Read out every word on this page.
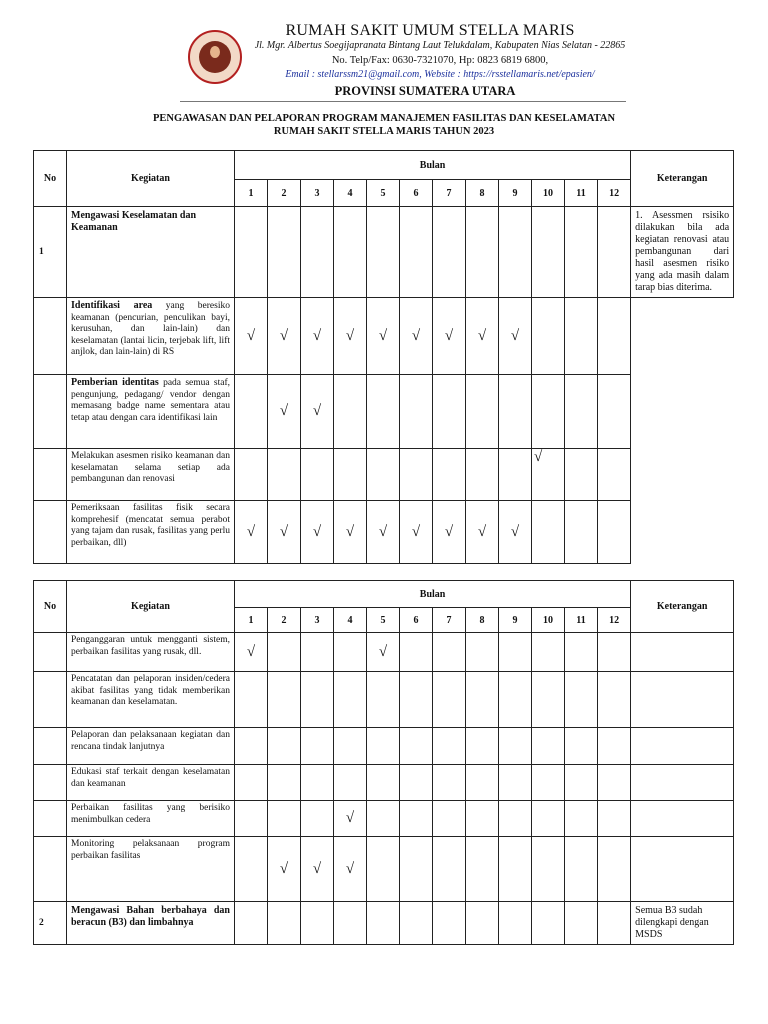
RUMAH SAKIT UMUM STELLA MARIS
Jl. Mgr. Albertus Soegijapranata Bintang Laut Telukdalam, Kabupaten Nias Selatan - 22865
No. Telp/Fax: 0630-7321070, Hp: 0823 6819 6800,
Email : stellarssm21@gmail.com, Website : https://rsstellamaris.net/epasien/
PROVINSI SUMATERA UTARA
PENGAWASAN DAN PELAPORAN PROGRAM MANAJEMEN FASILITAS DAN KESELAMATAN
RUMAH SAKIT STELLA MARIS TAHUN 2023
No	Kegiatan	Bulan												Keterangan
		1	2	3	4	5	6	7	8	9	10	11	12	
1	Mengawasi Keselamatan dan Keamanan													1. Asessmen rsisiko dilakukan bila ada kegiatan renovasi atau pembangunan dari hasil asesmen risiko yang ada masih dalam tarap bias diterima.
	Identifikasi area yang beresiko keamanan (pencurian, penculikan bayi, kerusuhan, dan lain-lain) dan keselamatan (lantai licin, terjebak lift, lift anjlok, dan lain-lain) di RS	√	√	√	√	√	√	√	√	√				
	Pemberian identitas pada semua staf, pengunjung, pedagang/ vendor dengan memasang badge name sementara atau tetap atau dengan cara identifikasi lain		√	√										
	Melakukan asesmen risiko keamanan dan keselamatan selama setiap ada pembangunan dan renovasi										√			
	Pemeriksaan fasilitas fisik secara komprehesif (mencatat semua perabot yang tajam dan rusak, fasilitas yang perlu perbaikan, dll)	√	√	√	√	√	√	√	√	√				
No	Kegiatan	Bulan												Keterangan
		1	2	3	4	5	6	7	8	9	10	11	12	
	Penganggaran untuk mengganti sistem, perbaikan fasilitas yang rusak, dll.	√				√								
	Pencatatan dan pelaporan insiden/cedera akibat fasilitas yang tidak memberikan keamanan dan keselamatan.													
	Pelaporan dan pelaksanaan kegiatan dan rencana tindak lanjutnya													
	Edukasi staf terkait dengan keselamatan dan keamanan													
	Perbaikan fasilitas yang berisiko menimbulkan cedera				√									
	Monitoring pelaksanaan program perbaikan fasilitas		√	√	√									
2	Mengawasi Bahan berbahaya dan beracun (B3) dan limbahnya													Semua B3 sudah dilengkapi dengan MSDS
